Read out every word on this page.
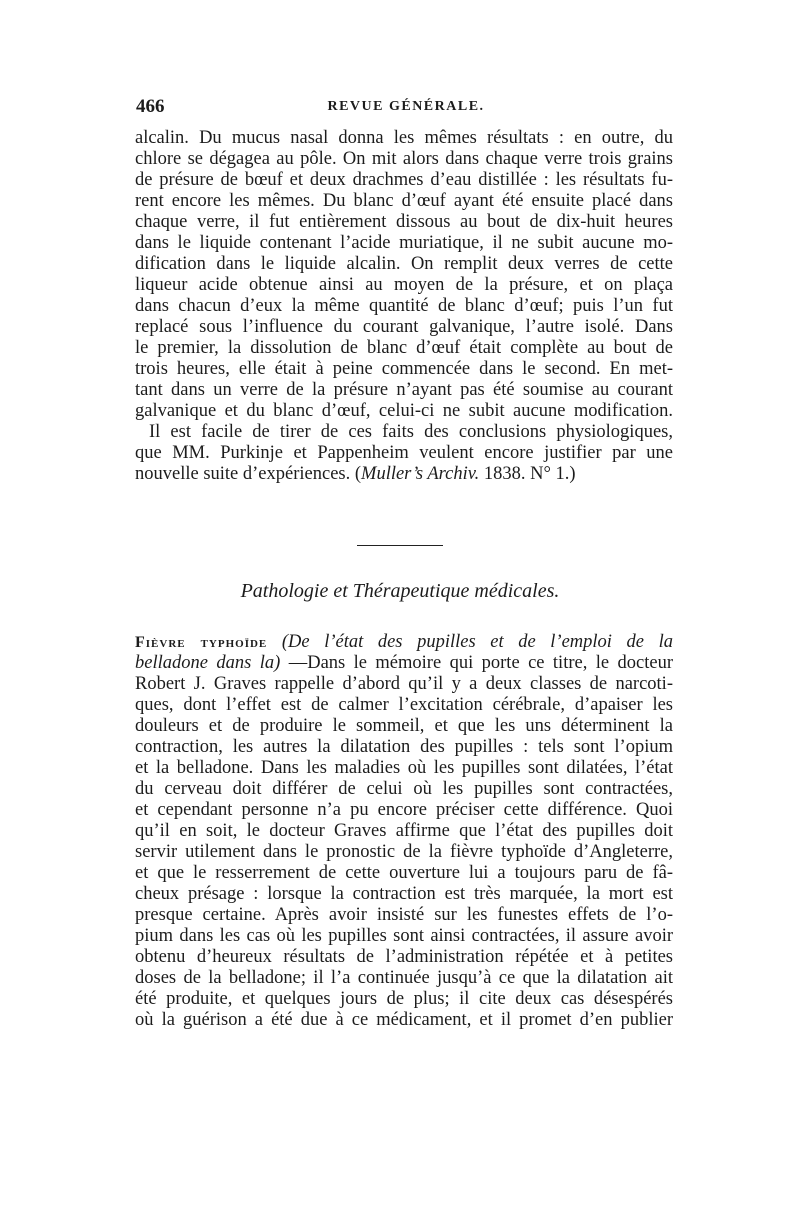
466	REVUE GÉNÉRALE.
alcalin. Du mucus nasal donna les mêmes résultats : en outre, du
chlore se dégagea au pôle. On mit alors dans chaque verre trois grains
de présure de bœuf et deux drachmes d’eau distillée : les résultats fu-
rent encore les mêmes. Du blanc d’œuf ayant été ensuite placé dans
chaque verre, il fut entièrement dissous au bout de dix-huit heures
dans le liquide contenant l’acide muriatique, il ne subit aucune mo-
dification dans le liquide alcalin. On remplit deux verres de cette
liqueur acide obtenue ainsi au moyen de la présure, et on plaça
dans chacun d’eux la même quantité de blanc d’œuf; puis l’un fut
replacé sous l’influence du courant galvanique, l’autre isolé. Dans
le premier, la dissolution de blanc d’œuf était complète au bout de
trois heures, elle était à peine commencée dans le second. En met-
tant dans un verre de la présure n’ayant pas été soumise au courant
galvanique et du blanc d’œuf, celui-ci ne subit aucune modification.
Il est facile de tirer de ces faits des conclusions physiologiques,
que MM. Purkinje et Pappenheim veulent encore justifier par une
nouvelle suite d’expériences. (Muller’s Archiv. 1838. N° 1.)
Pathologie et Thérapeutique médicales.
Fièvre typhoïde (De l’état des pupilles et de l’emploi de la
belladone dans la) —Dans le mémoire qui porte ce titre, le docteur
Robert J. Graves rappelle d’abord qu’il y a deux classes de narcoti-
ques, dont l’effet est de calmer l’excitation cérébrale, d’apaiser les
douleurs et de produire le sommeil, et que les uns déterminent la
contraction, les autres la dilatation des pupilles : tels sont l’opium
et la belladone. Dans les maladies où les pupilles sont dilatées, l’état
du cerveau doit différer de celui où les pupilles sont contractées,
et cependant personne n’a pu encore préciser cette différence. Quoi
qu’il en soit, le docteur Graves affirme que l’état des pupilles doit
servir utilement dans le pronostic de la fièvre typhoïde d’Angleterre,
et que le resserrement de cette ouverture lui a toujours paru de fâ-
cheux présage : lorsque la contraction est très marquée, la mort est
presque certaine. Après avoir insisté sur les funestes effets de l’o-
pium dans les cas où les pupilles sont ainsi contractées, il assure avoir
obtenu d’heureux résultats de l’administration répétée et à petites
doses de la belladone; il l’a continuée jusqu’à ce que la dilatation ait
été produite, et quelques jours de plus; il cite deux cas désespérés
où la guérison a été due à ce médicament, et il promet d’en publier
